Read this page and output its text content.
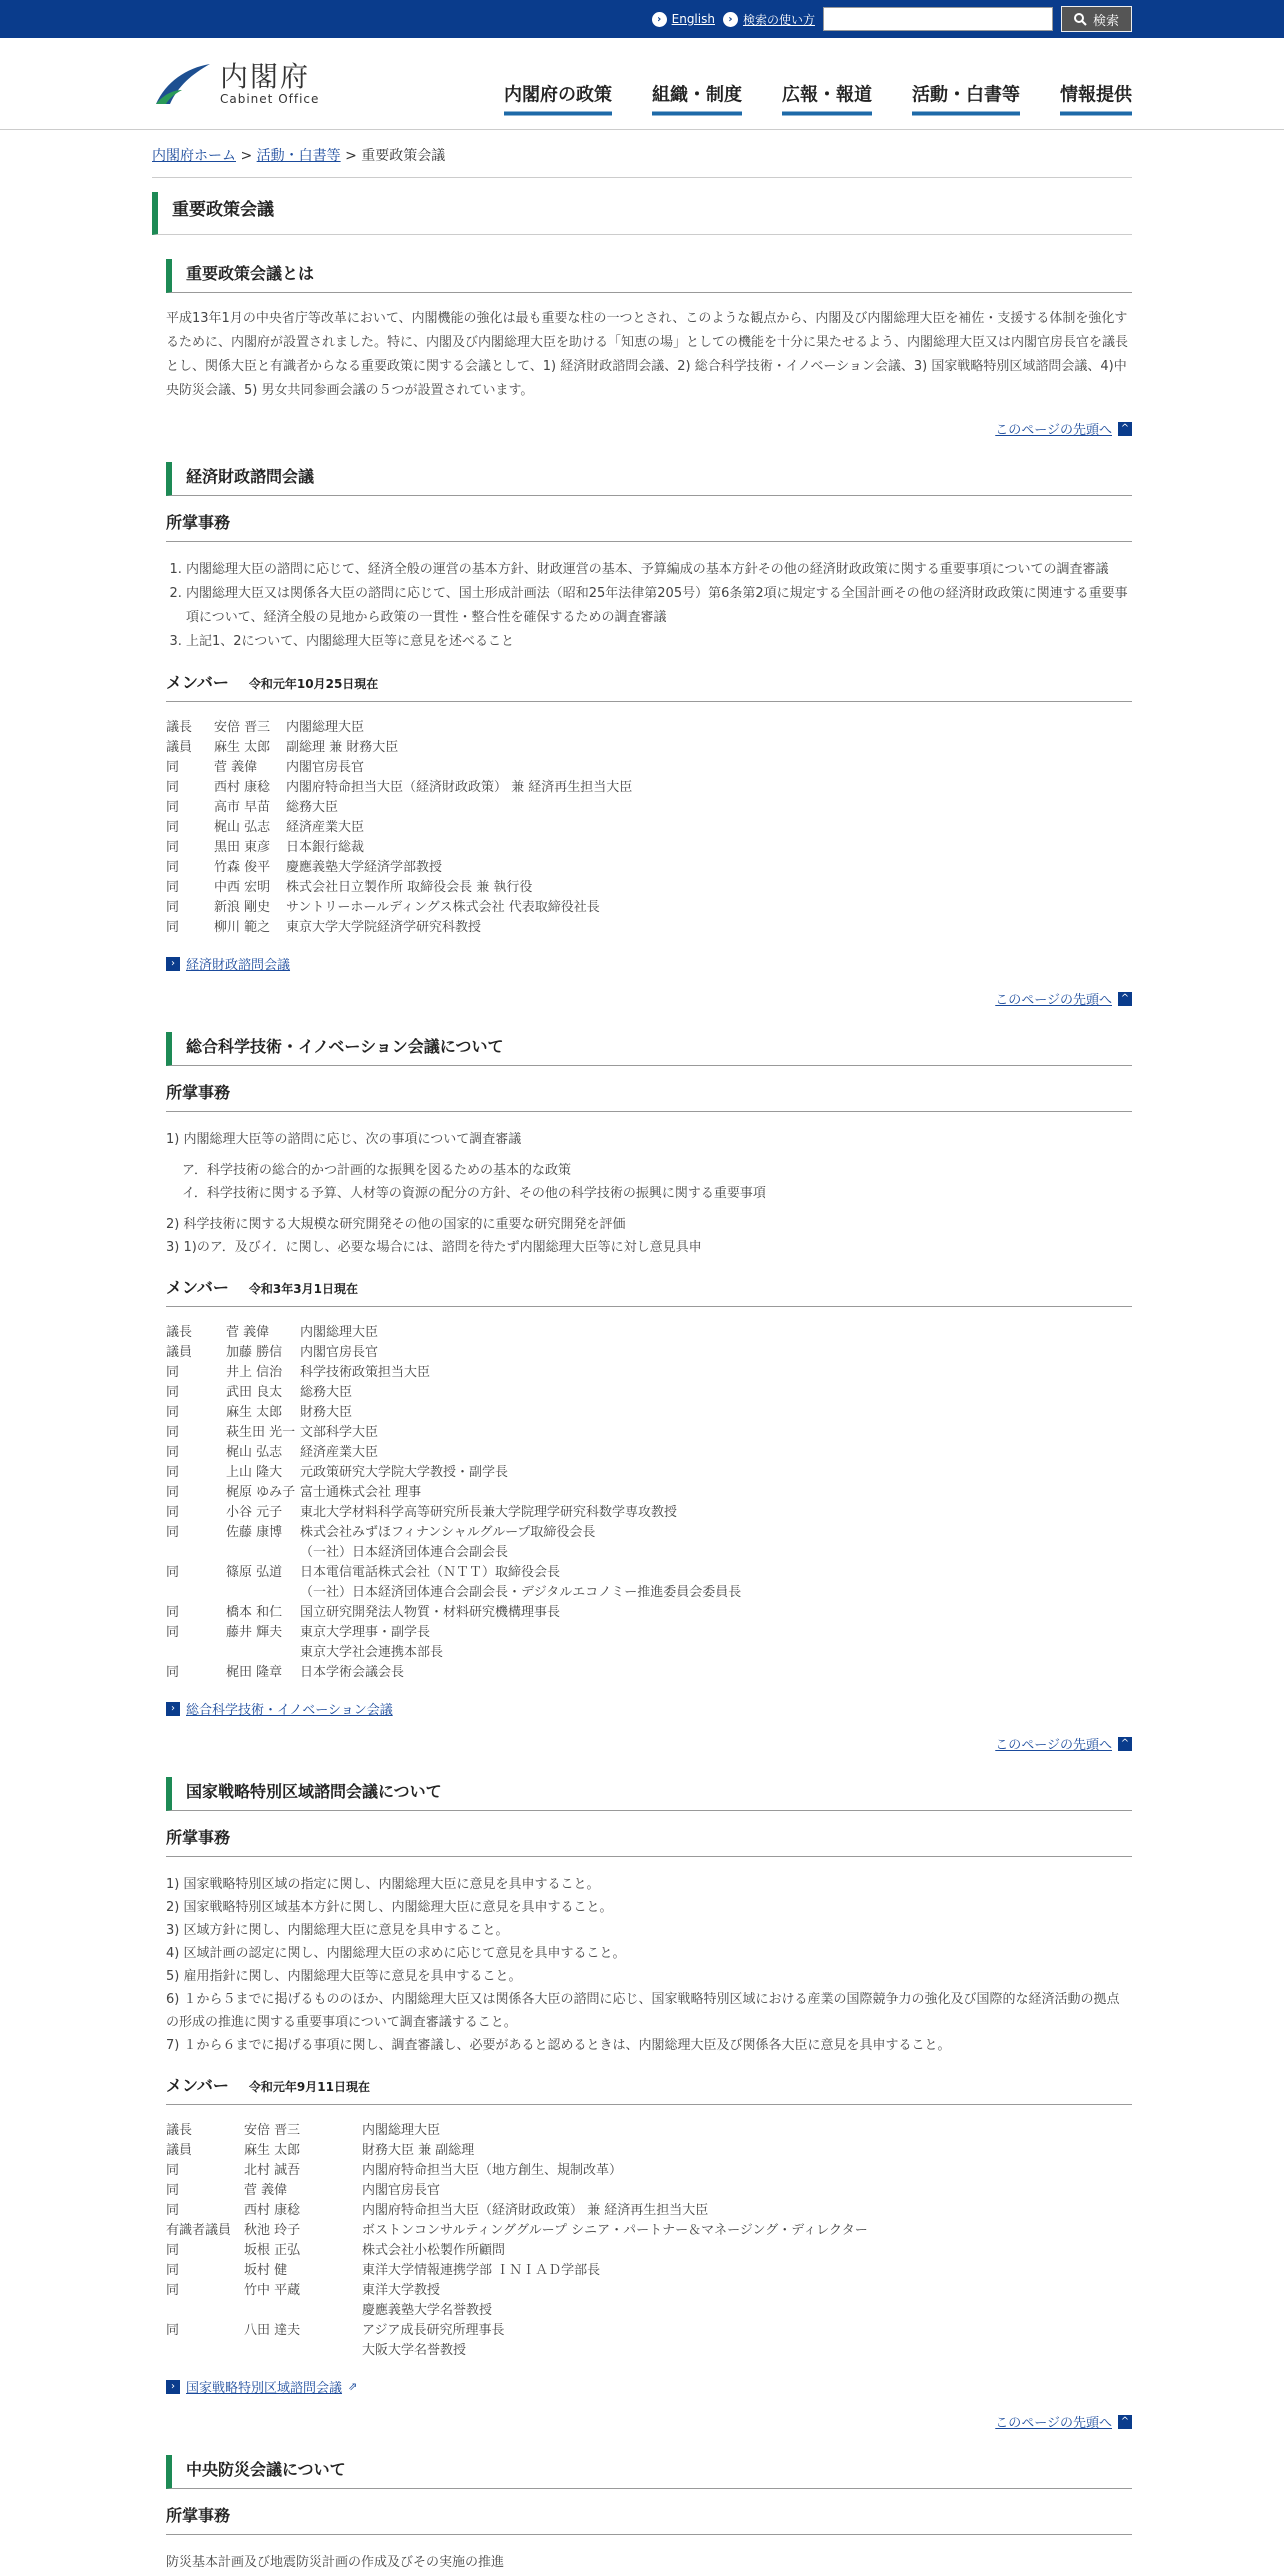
› English	› 検索の使い方	検索
内閣府
Cabinet Office	内閣府の政策 組織・制度 広報・報道 活動・白書等 情報提供
内閣府ホーム > 活動・白書等 > 重要政策会議
重要政策会議
重要政策会議とは

平成13年1月の中央省庁等改革において、内閣機能の強化は最も重要な柱の一つとされ、このような観点から、内閣及び内閣総理大臣を補佐・支援する体制を強化するために、内閣府が設置されました。特に、内閣及び内閣総理大臣を助ける「知恵の場」としての機能を十分に果たせるよう、内閣総理大臣又は内閣官房長官を議長とし、関係大臣と有識者からなる重要政策に関する会議として、1) 経済財政諮問会議、2) 総合科学技術・イノベーション会議、3) 国家戦略特別区域諮問会議、4)中央防災会議、5) 男女共同参画会議の５つが設置されています。

このページの先頭へ ^
経済財政諮問会議
所掌事務
1. 内閣総理大臣の諮問に応じて、経済全般の運営の基本方針、財政運営の基本、予算編成の基本方針その他の経済財政政策に関する重要事項についての調査審議
2. 内閣総理大臣又は関係各大臣の諮問に応じて、国土形成計画法（昭和25年法律第205号）第6条第2項に規定する全国計画その他の経済財政政策に関連する重要事項について、経済全般の見地から政策の一貫性・整合性を確保するための調査審議
3. 上記1、2について、内閣総理大臣等に意見を述べること
メンバー 令和元年10月25日現在
議長	安倍 晋三	内閣総理大臣
議員	麻生 太郎	副総理 兼 財務大臣
同	菅 義偉	内閣官房長官
同	西村 康稔	内閣府特命担当大臣（経済財政政策） 兼 経済再生担当大臣
同	高市 早苗	総務大臣
同	梶山 弘志	経済産業大臣
同	黒田 東彦	日本銀行総裁
同	竹森 俊平	慶應義塾大学経済学部教授
同	中西 宏明	株式会社日立製作所 取締役会長 兼 執行役
同	新浪 剛史	サントリーホールディングス株式会社 代表取締役社長
同	柳川 範之	東京大学大学院経済学研究科教授
› 経済財政諮問会議
このページの先頭へ ^
総合科学技術・イノベーション会議について
所掌事務
1) 内閣総理大臣等の諮問に応じ、次の事項について調査審議
ア．科学技術の総合的かつ計画的な振興を図るための基本的な政策
イ．科学技術に関する予算、人材等の資源の配分の方針、その他の科学技術の振興に関する重要事項
2) 科学技術に関する大規模な研究開発その他の国家的に重要な研究開発を評価
3) 1)のア．及びイ．に関し、必要な場合には、諮問を待たず内閣総理大臣等に対し意見具申
メンバー 令和3年3月1日現在
議長	菅 義偉	内閣総理大臣
議員	加藤 勝信	内閣官房長官
同	井上 信治	科学技術政策担当大臣
同	武田 良太	総務大臣
同	麻生 太郎	財務大臣
同	萩生田 光一 文部科学大臣
同	梶山 弘志	経済産業大臣
同	上山 隆大	元政策研究大学院大学教授・副学長
同	梶原 ゆみ子 富士通株式会社 理事
同	小谷 元子	東北大学材料科学高等研究所長兼大学院理学研究科数学専攻教授
同	佐藤 康博	株式会社みずほフィナンシャルグループ取締役会長
（一社）日本経済団体連合会副会長
同	篠原 弘道	日本電信電話株式会社（ＮＴＴ）取締役会長
（一社）日本経済団体連合会副会長・デジタルエコノミー推進委員会委員長
同	橋本 和仁	国立研究開発法人物質・材料研究機構理事長
同	藤井 輝夫	東京大学理事・副学長
東京大学社会連携本部長
同	梶田 隆章	日本学術会議会長
› 総合科学技術・イノベーション会議
このページの先頭へ ^
国家戦略特別区域諮問会議について
所掌事務
1) 国家戦略特別区域の指定に関し、内閣総理大臣に意見を具申すること。
2) 国家戦略特別区域基本方針に関し、内閣総理大臣に意見を具申すること。
3) 区域方針に関し、内閣総理大臣に意見を具申すること。
4) 区域計画の認定に関し、内閣総理大臣の求めに応じて意見を具申すること。
5) 雇用指針に関し、内閣総理大臣等に意見を具申すること。
6) １から５までに掲げるもののほか、内閣総理大臣又は関係各大臣の諮問に応じ、国家戦略特別区域における産業の国際競争力の強化及び国際的な経済活動の拠点の形成の推進に関する重要事項について調査審議すること。
7) １から６までに掲げる事項に関し、調査審議し、必要があると認めるときは、内閣総理大臣及び関係各大臣に意見を具申すること。
メンバー 令和元年9月11日現在
議長	安倍 晋三	内閣総理大臣
議員	麻生 太郎	財務大臣 兼 副総理
同	北村 誠吾	内閣府特命担当大臣（地方創生、規制改革）
同	菅 義偉	内閣官房長官
同	西村 康稔	内閣府特命担当大臣（経済財政政策） 兼 経済再生担当大臣
有識者議員 秋池 玲子	ボストンコンサルティンググループ シニア・パートナー＆マネージング・ディレクター
同	坂根 正弘	株式会社小松製作所顧問
同	坂村 健	東洋大学情報連携学部 ＩＮＩＡＤ学部長
同	竹中 平蔵	東洋大学教授
慶應義塾大学名誉教授
同	八田 達夫	アジア成長研究所理事長
大阪大学名誉教授
› 国家戦略特別区域諮問会議 ⇗
このページの先頭へ ^
中央防災会議について
所掌事務

防災基本計画及び地震防災計画の作成及びその実施の推進
